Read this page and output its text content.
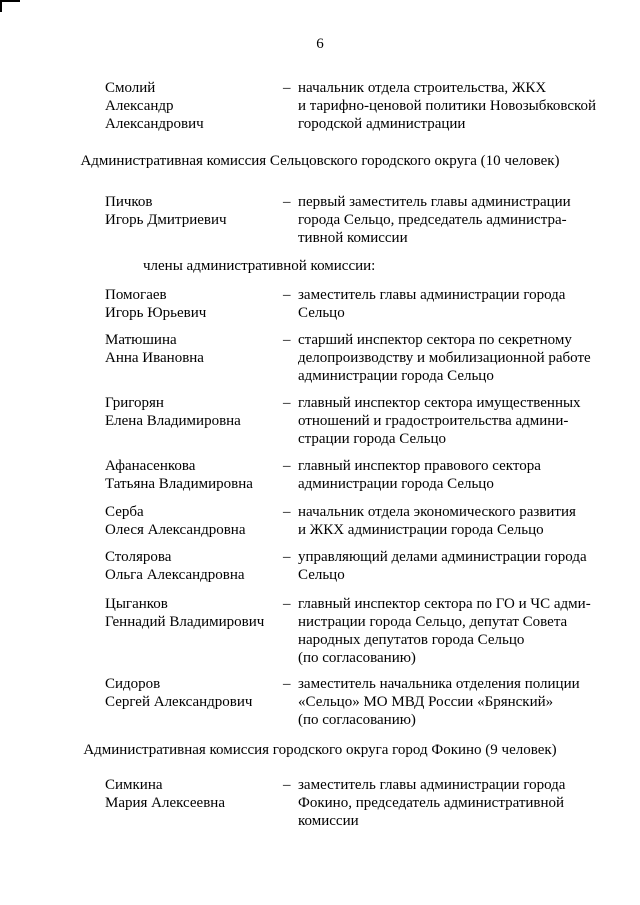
6
Смолий
Александр
Александрович
– начальник отдела строительства, ЖКХ
и тарифно-ценовой политики Новозыбковской
городской администрации
Административная комиссия Сельцовского городского округа (10 человек)
Пичков
Игорь Дмитриевич
– первый заместитель главы администрации
города Сельцо, председатель администра-
тивной комиссии
члены административной комиссии:
Помогаев
Игорь Юрьевич
– заместитель главы администрации города
Сельцо
Матюшина
Анна Ивановна
– старший инспектор сектора по секретному
делопроизводству и мобилизационной работе
администрации города Сельцо
Григорян
Елена Владимировна
– главный инспектор сектора имущественных
отношений и градостроительства админи-
страции города Сельцо
Афанасенкова
Татьяна Владимировна
– главный инспектор правового сектора
администрации города Сельцо
Серба
Олеся Александровна
– начальник отдела экономического развития
и ЖКХ администрации города Сельцо
Столярова
Ольга Александровна
– управляющий делами администрации города
Сельцо
Цыганков
Геннадий Владимирович
– главный инспектор сектора по ГО и ЧС адми-
нистрации города Сельцо, депутат Совета
народных депутатов города Сельцо
(по согласованию)
Сидоров
Сергей Александрович
– заместитель начальника отделения полиции
«Сельцо» МО МВД России «Брянский»
(по согласованию)
Административная комиссия городского округа город Фокино (9 человек)
Симкина
Мария Алексеевна
– заместитель главы администрации города
Фокино, председатель административной
комиссии
